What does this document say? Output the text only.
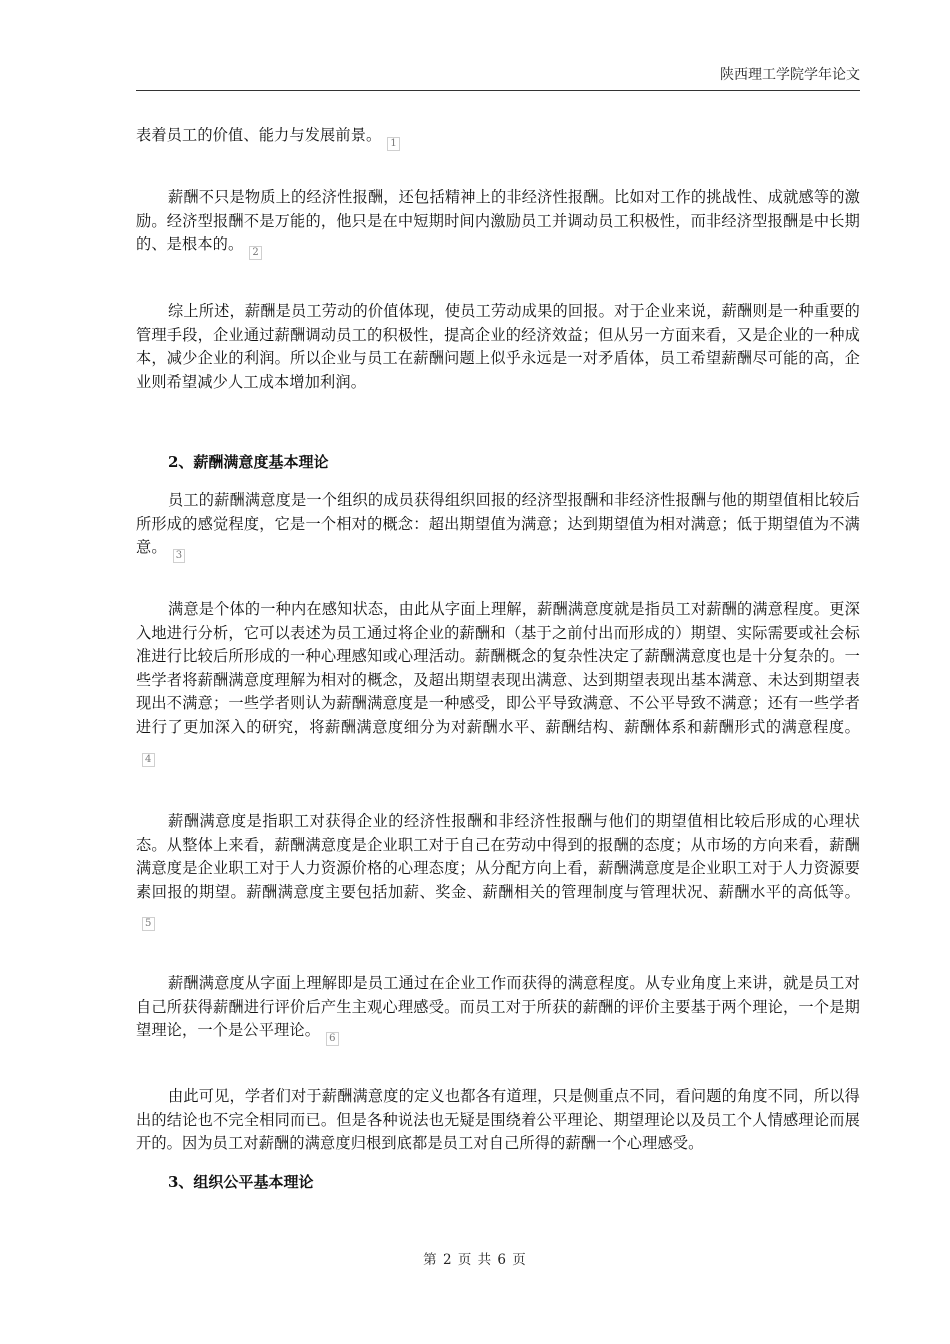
陕西理工学院学年论文

表着员工的价值、能力与发展前景。 1

薪酬不只是物质上的经济性报酬，还包括精神上的非经济性报酬。比如对工作的挑战性、成就感等的激励。经济型报酬不是万能的，他只是在中短期时间内激励员工并调动员工积极性，而非经济型报酬是中长期的、是根本的。 2

综上所述，薪酬是员工劳动的价值体现，使员工劳动成果的回报。对于企业来说，薪酬则是一种重要的管理手段，企业通过薪酬调动员工的积极性，提高企业的经济效益；但从另一方面来看，又是企业的一种成本，减少企业的利润。所以企业与员工在薪酬问题上似乎永远是一对矛盾体，员工希望薪酬尽可能的高，企业则希望减少人工成本增加利润。

2、薪酬满意度基本理论

员工的薪酬满意度是一个组织的成员获得组织回报的经济型报酬和非经济性报酬与他的期望值相比较后所形成的感觉程度，它是一个相对的概念：超出期望值为满意；达到期望值为相对满意；低于期望值为不满意。 3

满意是个体的一种内在感知状态，由此从字面上理解，薪酬满意度就是指员工对薪酬的满意程度。更深入地进行分析，它可以表述为员工通过将企业的薪酬和（基于之前付出而形成的）期望、实际需要或社会标准进行比较后所形成的一种心理感知或心理活动。薪酬概念的复杂性决定了薪酬满意度也是十分复杂的。一些学者将薪酬满意度理解为相对的概念，及超出期望表现出满意、达到期望表现出基本满意、未达到期望表现出不满意；一些学者则认为薪酬满意度是一种感受，即公平导致满意、不公平导致不满意；还有一些学者进行了更加深入的研究，将薪酬满意度细分为对薪酬水平、薪酬结构、薪酬体系和薪酬形式的满意程度。4

薪酬满意度是指职工对获得企业的经济性报酬和非经济性报酬与他们的期望值相比较后形成的心理状态。从整体上来看，薪酬满意度是企业职工对于自己在劳动中得到的报酬的态度；从市场的方向来看，薪酬满意度是企业职工对于人力资源价格的心理态度；从分配方向上看，薪酬满意度是企业职工对于人力资源要素回报的期望。薪酬满意度主要包括加薪、奖金、薪酬相关的管理制度与管理状况、薪酬水平的高低等。5

薪酬满意度从字面上理解即是员工通过在企业工作而获得的满意程度。从专业角度上来讲，就是员工对自己所获得薪酬进行评价后产生主观心理感受。而员工对于所获的薪酬的评价主要基于两个理论，一个是期望理论，一个是公平理论。 6

由此可见，学者们对于薪酬满意度的定义也都各有道理，只是侧重点不同，看问题的角度不同，所以得出的结论也不完全相同而已。但是各种说法也无疑是围绕着公平理论、期望理论以及员工个人情感理论而展开的。因为员工对薪酬的满意度归根到底都是员工对自己所得的薪酬一个心理感受。

3、组织公平基本理论
第 2 页 共 6 页
